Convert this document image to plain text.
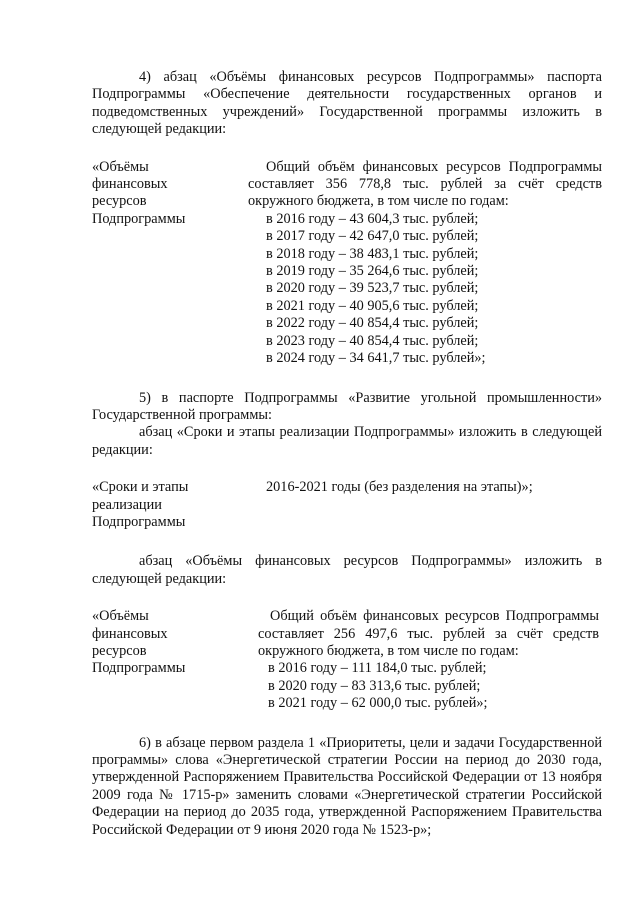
4) абзац «Объёмы финансовых ресурсов Подпрограммы» паспорта Подпрограммы «Обеспечение деятельности государственных органов и подведомственных учреждений» Государственной программы изложить в следующей редакции:

«Объёмы
финансовых
ресурсов
Подпрограммы

Общий объём финансовых ресурсов Подпрограммы составляет 356 778,8 тыс. рублей за счёт средств окружного бюджета, в том числе по годам:

в 2016 году – 43 604,3 тыс. рублей;
в 2017 году – 42 647,0 тыс. рублей;
в 2018 году – 38 483,1 тыс. рублей;
в 2019 году – 35 264,6 тыс. рублей;
в 2020 году – 39 523,7 тыс. рублей;
в 2021 году – 40 905,6 тыс. рублей;
в 2022 году – 40 854,4 тыс. рублей;
в 2023 году – 40 854,4 тыс. рублей;
в 2024 году – 34 641,7 тыс. рублей»;

5) в паспорте Подпрограммы «Развитие угольной промышленности» Государственной программы:

абзац «Сроки и этапы реализации Подпрограммы» изложить в следующей редакции:

«Сроки и этапы
реализации
Подпрограммы
2016-2021 годы (без разделения на этапы)»;

абзац «Объёмы финансовых ресурсов Подпрограммы» изложить в следующей редакции:

«Объёмы
финансовых
ресурсов
Подпрограммы

Общий объём финансовых ресурсов Подпрограммы составляет 256 497,6 тыс. рублей за счёт средств окружного бюджета, в том числе по годам:

в 2016 году – 111 184,0 тыс. рублей;
в 2020 году – 83 313,6 тыс. рублей;
в 2021 году – 62 000,0 тыс. рублей»;

6) в абзаце первом раздела 1 «Приоритеты, цели и задачи Государственной программы» слова «Энергетической стратегии России на период до 2030 года, утвержденной Распоряжением Правительства Российской Федерации от 13 ноября 2009 года № 1715-р» заменить словами «Энергетической стратегии Российской Федерации на период до 2035 года, утвержденной Распоряжением Правительства Российской Федерации от 9 июня 2020 года № 1523-р»;
